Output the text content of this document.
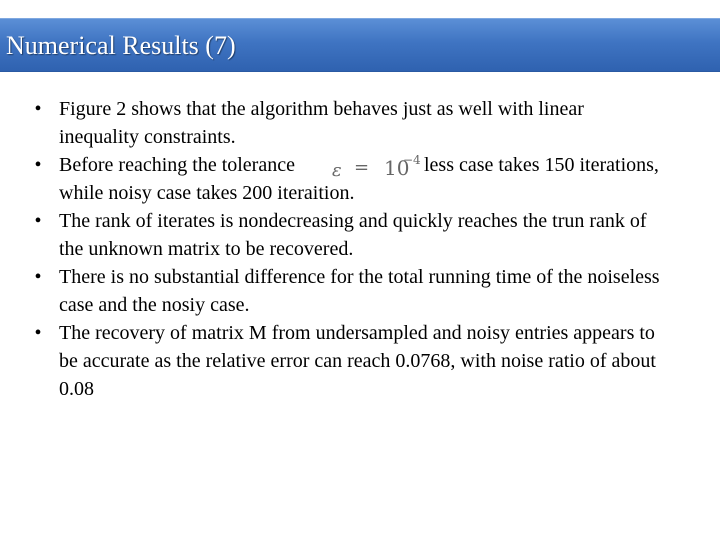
Numerical Results (7)
• Figure 2 shows that the algorithm behaves just as well with linear inequality constraints.
• Before reaching the tolerance ε = 10
−4 less case takes 150 iterations, while noisy case takes 200 iteraition.
• The rank of iterates is nondecreasing and quickly reaches the trun rank of the unknown matrix to be recovered.
• There is no substantial difference for the total running time of the noiseless case and the nosiy case.
• The recovery of matrix M from undersampled and noisy entries appears to be accurate as the relative error can reach 0.0768, with noise ratio of about 0.08
